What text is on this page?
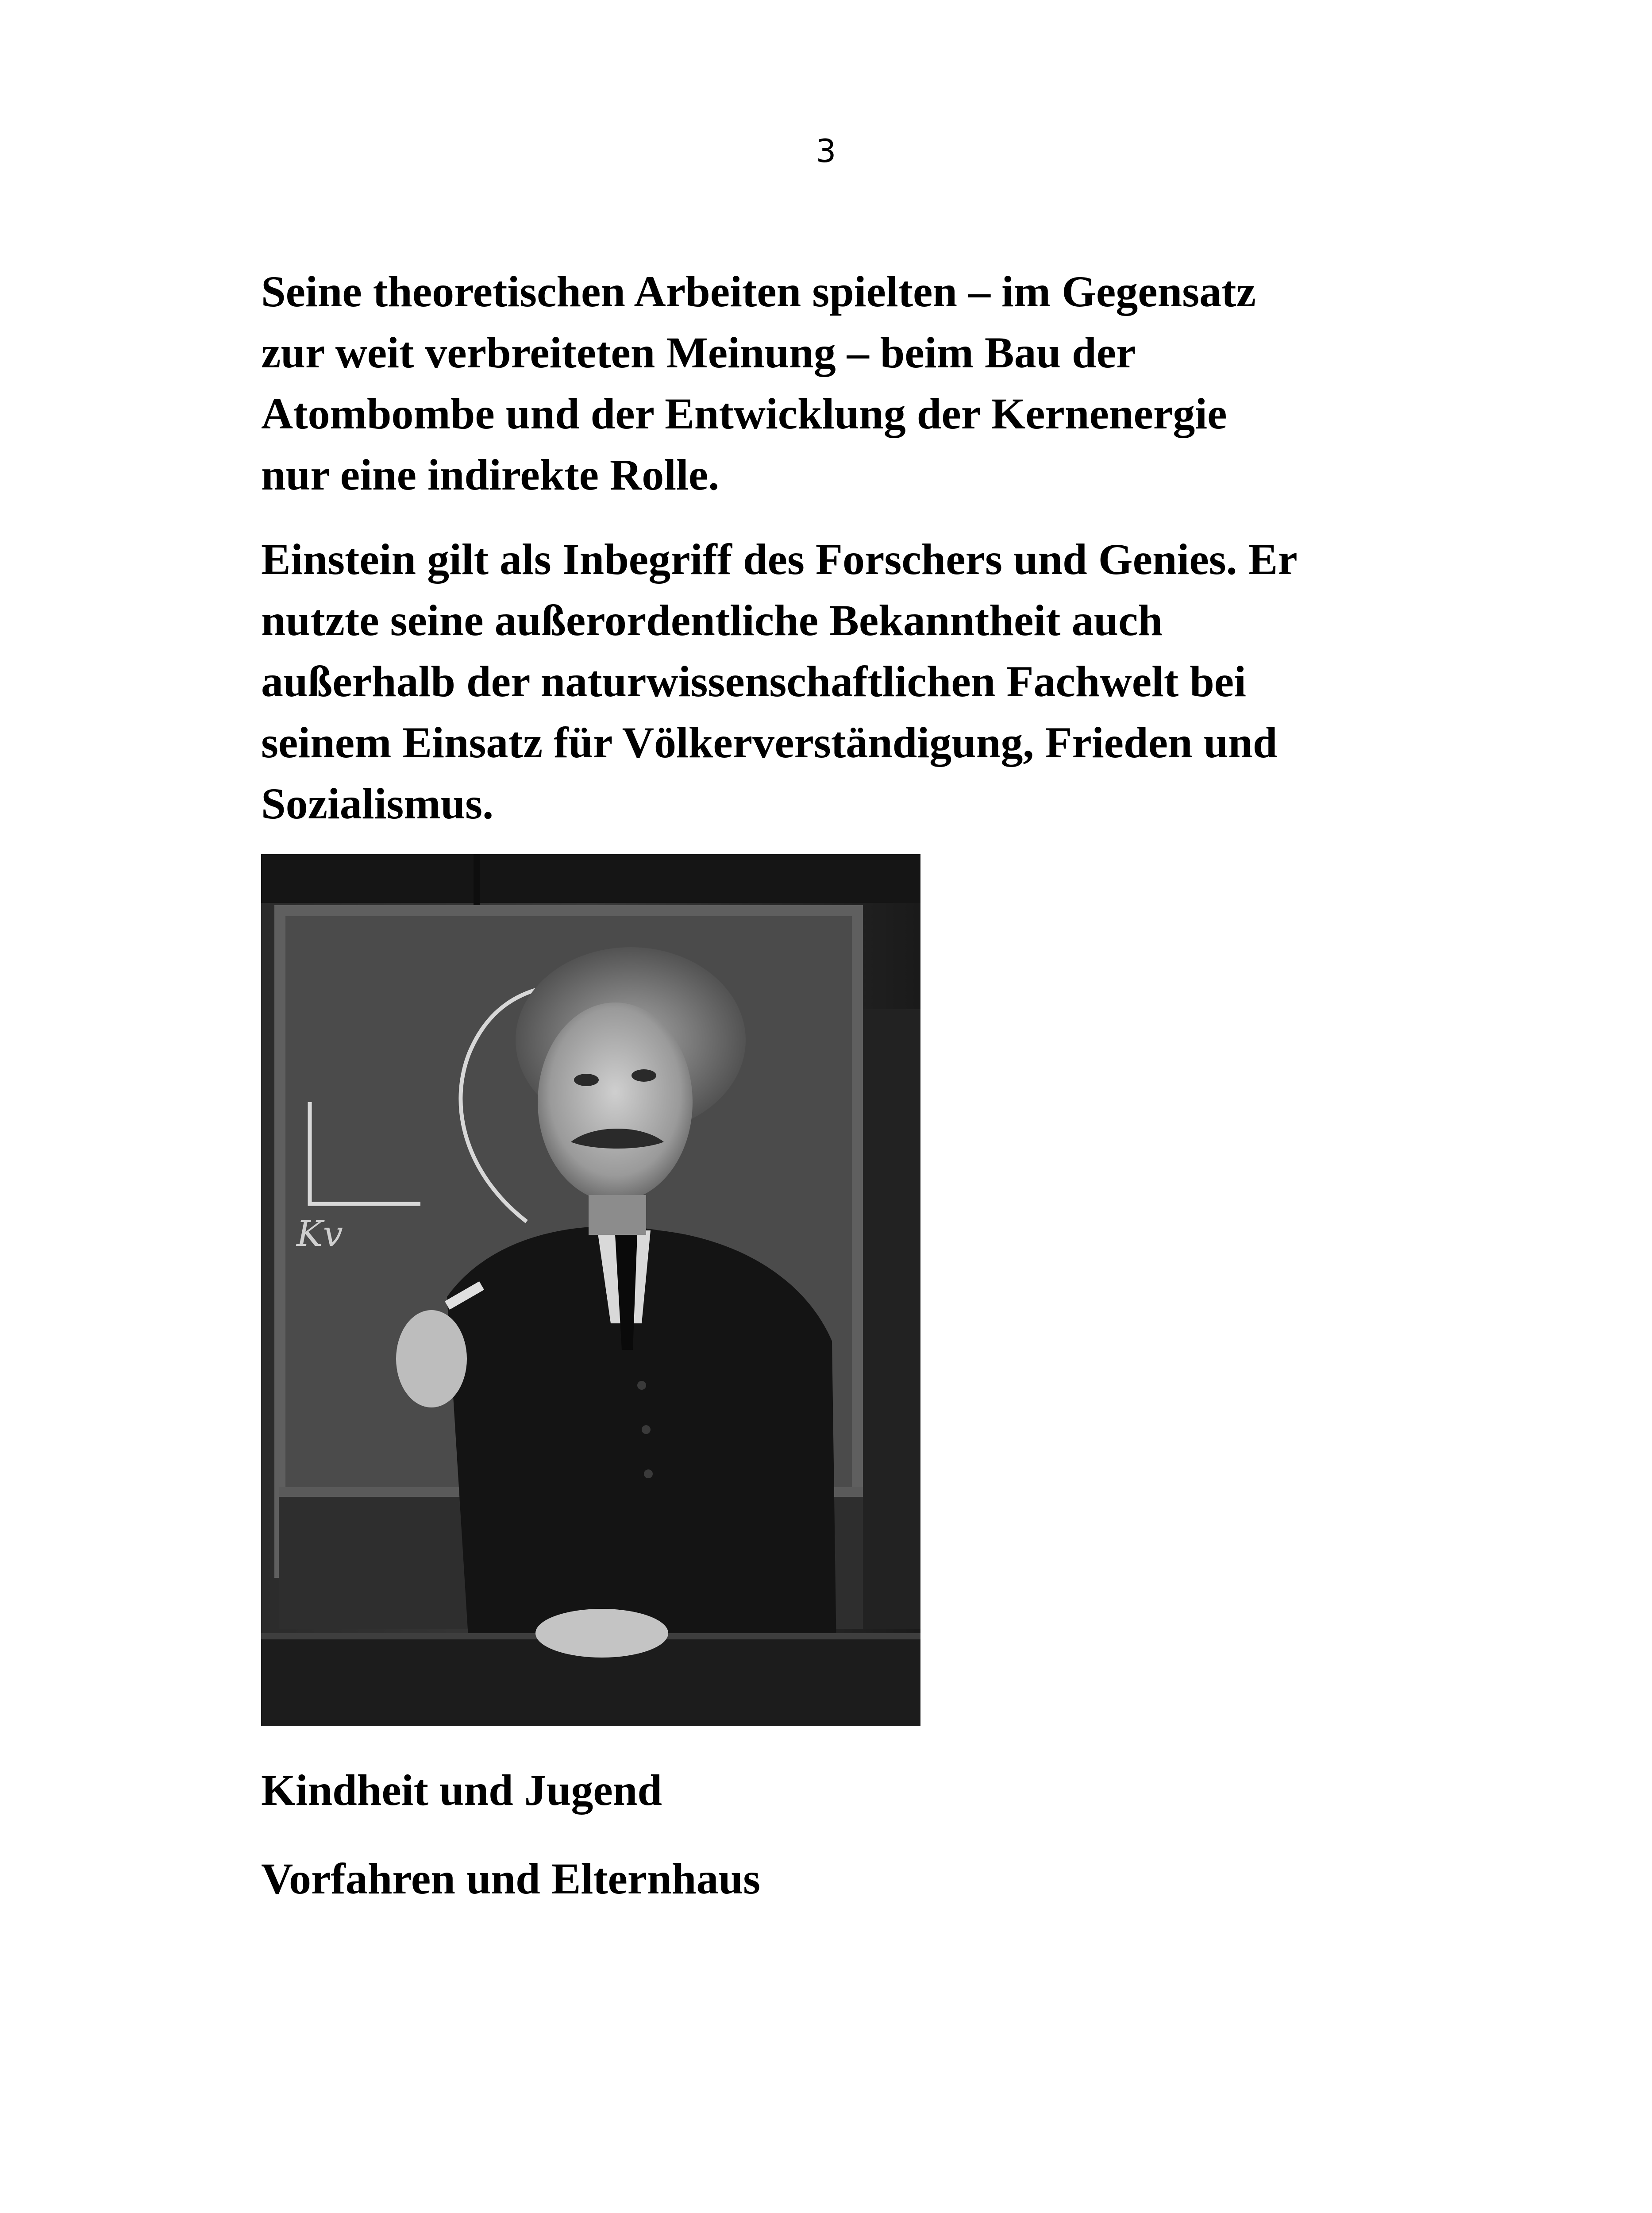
3

Seine theoretischen Arbeiten spielten – im Gegensatz
zur weit verbreiteten Meinung – beim Bau der
Atombombe und der Entwicklung der Kernenergie
nur eine indirekte Rolle.

Einstein gilt als Inbegriff des Forschers und Genies. Er
nutzte seine außerordentliche Bekanntheit auch
außerhalb der naturwissenschaftlichen Fachwelt bei
seinem Einsatz für Völkerverständigung, Frieden und
Sozialismus.

Kv
Kindheit und Jugend
Vorfahren und Elternhaus
